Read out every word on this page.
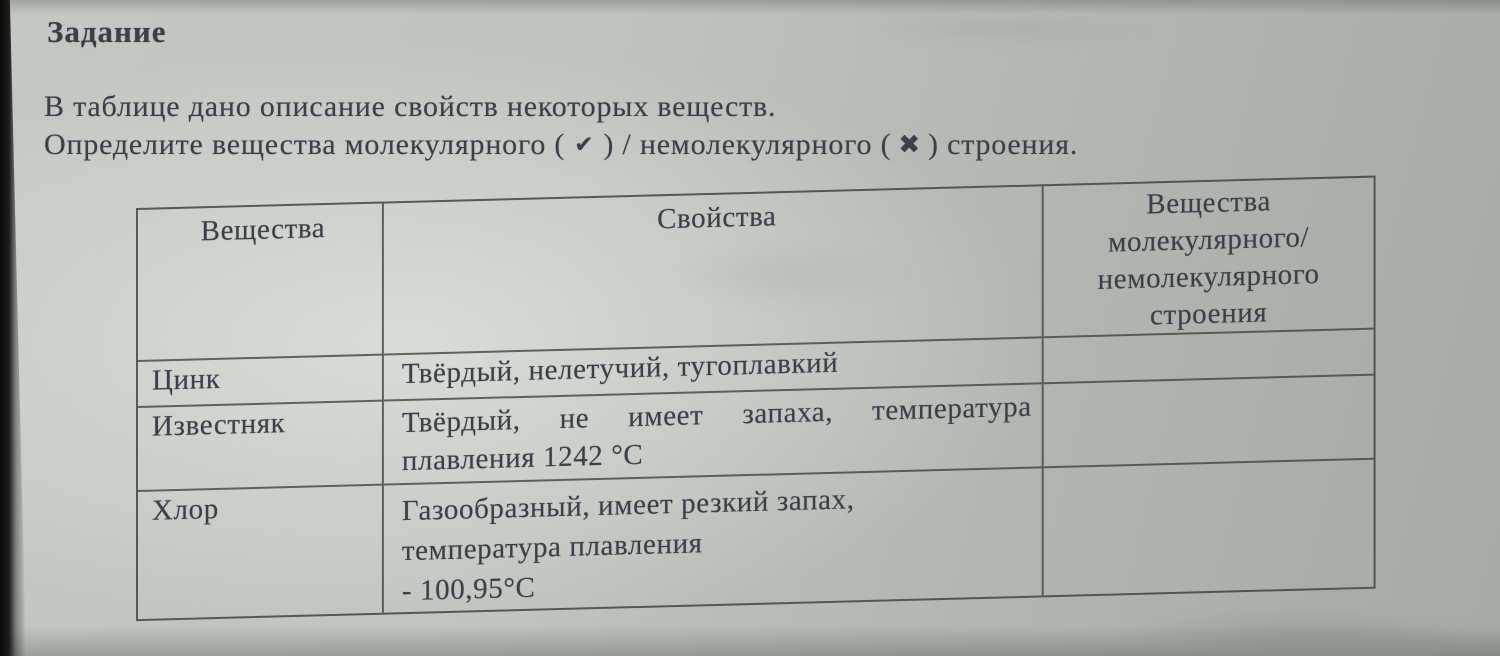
Задание
В таблице дано описание свойств некоторых веществ.
Определите вещества молекулярного ( ✔ ) / немолекулярного ( ✖ ) строения.
Вещества	Свойства	Вещества
молекулярного/
немолекулярного
строения
Цинк	Твёрдый, нелетучий, тугоплавкий
Известняк	Твёрдый, не имеет запаха, температура
плавления 1242 °C
Хлор	Газообразный, имеет резкий запах,
температура плавления
- 100,95°C
